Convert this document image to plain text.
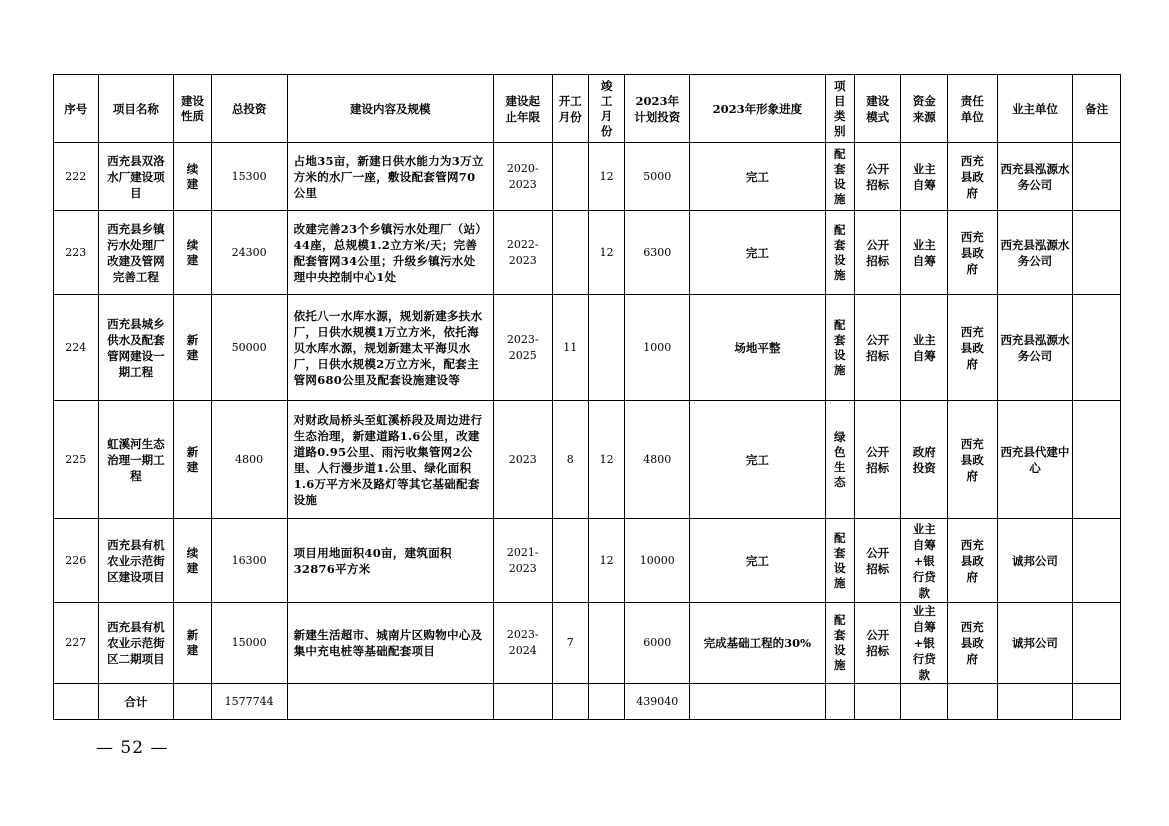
序号	项目名称	建设性质	总投资	建设内容及规模	建设起止年限	开工月份	竣工月份	2023年计划投资	2023年形象进度	项目类别	建设模式	资金来源	责任单位	业主单位	备注
222	西充县双洛水厂建设项目	续建	15300	占地35亩，新建日供水能力为3万立方米的水厂一座，敷设配套管网70公里	2020-2023		12	5000	完工	配套设施	公开招标	业主自筹	西充县政府	西充县泓源水务公司	
223	西充县乡镇污水处理厂改建及管网完善工程	续建	24300	改建完善23个乡镇污水处理厂（站）44座，总规模1.2立方米/天；完善配套管网34公里；升级乡镇污水处理中央控制中心1处	2022-2023		12	6300	完工	配套设施	公开招标	业主自筹	西充县政府	西充县泓源水务公司	
224	西充县城乡供水及配套管网建设一期工程	新建	50000	依托八一水库水源，规划新建多扶水厂，日供水规模1万立方米，依托海贝水库水源，规划新建太平海贝水厂，日供水规模2万立方米，配套主管网680公里及配套设施建设等	2023-2025	11		1000	场地平整	配套设施	公开招标	业主自筹	西充县政府	西充县泓源水务公司	
225	虹溪河生态治理一期工程	新建	4800	对财政局桥头至虹溪桥段及周边进行生态治理，新建道路1.6公里，改建道路0.95公里、雨污收集管网2公里、人行漫步道1.公里、绿化面积1.6万平方米及路灯等其它基础配套设施	2023	8	12	4800	完工	绿色生态	公开招标	政府投资	西充县政府	西充县代建中心	
226	西充县有机农业示范街区建设项目	续建	16300	项目用地面积40亩，建筑面积32876平方米	2021-2023		12	10000	完工	配套设施	公开招标	业主自筹+银行贷款	西充县政府	诚邦公司	
227	西充县有机农业示范街区二期项目	新建	15000	新建生活超市、城南片区购物中心及集中充电桩等基础配套项目	2023-2024	7		6000	完成基础工程的30%	配套设施	公开招标	业主自筹+银行贷款	西充县政府	诚邦公司	
	合计		1577744					439040							
— 52 —
